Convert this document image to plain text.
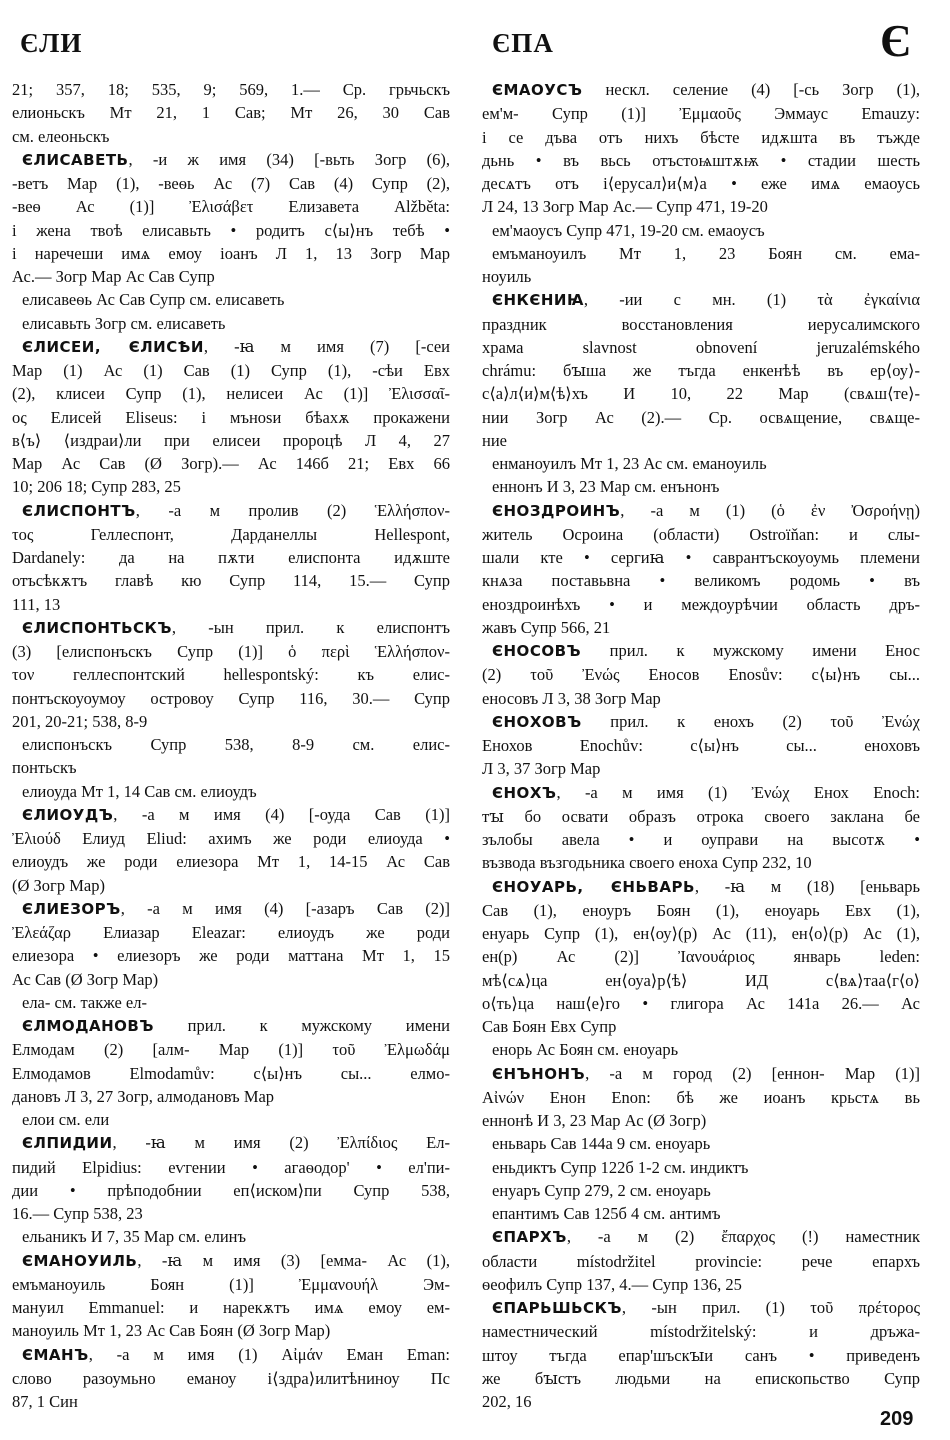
ЄЛИ	ЄПА	Є
21; 357, 18; 535, 9; 569, 1.— Ср. грьчьскъ
елионьскъ Мт 21, 1 Сав; Мт 26, 30 Сав
см. елеоньскъ
ЄЛИСАВЕТЬ, -и ж имя (34) [-вьть Зогр (6),
-ветъ Мар (1), -веѳь Ас (7) Сав (4) Супр (2),
-веѳ Ас (1)] Ἐλισάβετ Елизавета Alžběta:
і жена твоѣ елисавьть • родитъ с⟨ы⟩нъ тебѣ •
і наречеши имѧ емоу іоанъ Л 1, 13 Зогр Мар
Ас.— Зогр Мар Ас Сав Супр
елисавеѳь Ас Сав Супр см. елисаветь
елисавьть Зогр см. елисаветь
ЄЛИСЕИ, ЄЛИСѢИ, -ꙗ м имя (7) [-сеи
Мар (1) Ас (1) Сав (1) Супр (1), -сѣи Евх
(2), клисеи Супр (1), нелисеи Ас (1)] Ἐλισσαῖ-
ος Елисей Eliseus: і мъноѕи бѣахѫ прокажени
в⟨ъ⟩ ⟨издраи⟩ли при елисеи пророцѣ Л 4, 27
Мар Ас Сав (Ø Зогр).— Ас 146б 21; Евх 66
10; 206 18; Супр 283, 25
ЄЛИСПОНТЪ, -а м пролив (2) Ἑλλήσπον-
τος Геллеспонт, Дарданеллы Hellespont,
Dardanely: да на пѫти елиспонта идѫште
отъсѣкѫтъ главѣ кю Супр 114, 15.— Супр
111, 13
ЄЛИСПОНТЬСКЪ, -ын прил. к елиспонтъ
(3) [елиспонъскъ Супр (1)] ὁ περὶ Ἑλλήσπον-
τον геллеспонтский hellespontský: къ елис-
понтъскоуоумоу островоу Супр 116, 30.— Супр
201, 20-21; 538, 8-9
елиспонъскъ Супр 538, 8-9 см. елис-
понтьскъ
елиоуда Мт 1, 14 Сав см. елиоудъ
ЄЛИОУДЪ, -а м имя (4) [-оуда Сав (1)]
Ἐλιούδ Елиуд Eliud: ахимъ же роди елиоуда •
елиоудъ же роди елиезора Мт 1, 14-15 Ас Сав
(Ø Зогр Мар)
ЄЛИЕЗОРЪ, -а м имя (4) [-азаръ Сав (2)]
Ἐλεάζαρ Елиазар Eleazar: елиоудъ же роди
елиезора • елиезоръ же роди маттана Мт 1, 15
Ас Сав (Ø Зогр Мар)
ела- см. также ел-
ЄЛМОДАНОВЪ прил. к мужскому имени
Елмодам (2) [алм- Мар (1)] τοῦ Ἐλμωδάμ
Елмодамов Elmodamův: с⟨ы⟩нъ сы... елмо-
дановъ Л 3, 27 Зогр, алмодановъ Мар
елои см. ели
ЄЛПИДИИ, -ꙗ м имя (2) Ἐλπίδιος Ел-
пидий Elpidius: еѵгении • агаѳодор' • ел'пи-
дии • прѣподобнии еп⟨иском⟩пи Супр 538,
16.— Супр 538, 23
ельаникъ И 7, 35 Мар см. елинъ
ЄМАНОУИЛЬ, -ꙗ м имя (3) [емма- Ас (1),
емъманоуиль Боян (1)] Ἐμμανουήλ Эм-
мануил Emmanuel: и нарекѫтъ имѧ емоу ем-
маноуиль Мт 1, 23 Ас Сав Боян (Ø Зогр Мар)
ЄМАНЪ, -а м имя (1) Αἰμάν Еман Eman:
слово разоумьно еманоу і⟨здра⟩илитѣниноу Пс
87, 1 Син
ЄМАОУСЪ нескл. селение (4) [-сь Зогр (1),
ем'м- Супр (1)] Ἐμμαοῦς Эммаус Emauzy:
і се дъва отъ нихъ бѣсте идѫшта въ тъжде
дьнь • въ вьсь отъстоѩштѫѭ • стадии шесть
десѧтъ отъ і⟨ерусал⟩и⟨м⟩а • еже имѧ емаоусь
Л 24, 13 Зогр Мар Ас.— Супр 471, 19-20
ем'маоусъ Супр 471, 19-20 см. емаоусъ
емъманоуилъ Мт 1, 23 Боян см. ема-
ноуиль
ЄНКЄНИꙖ, -ии с мн. (1) τὰ ἐγκαίνια
праздник восстановления иерусалимского
храма slavnost obnovení jeruzalémského
chrámu: бꙑша же тъгда енкенѣѣ въ ер⟨оу⟩-
с⟨а⟩л⟨и⟩м⟨ѣ⟩хъ И 10, 22 Мар (свѧш⟨те⟩-
нии Зогр Ас (2).— Ср. освѧщение, свѧще-
ние
енманоуилъ Мт 1, 23 Ас см. еманоуиль
еннонъ И 3, 23 Мар см. енънонъ
ЄНОЗДРОИНЪ, -а м (1) (ὁ ἐν Ὀσροήνῃ)
житель Осроина (области) Ostroïňan: и слы-
шали кте • сергиꙗ • саврантъскоуоумь племени
кнѧза поставьвна • великомъ родомь • въ
еноздроинѣхъ • и междоурѣчии область дръ-
жавъ Супр 566, 21
ЄНОСОВЪ прил. к мужскому имени Енос
(2) τοῦ Ἐνώς Еносов Enosův: с⟨ы⟩нъ сы...
еносовъ Л 3, 38 Зогр Мар
ЄНОХОВЪ прил. к енохъ (2) τοῦ Ἐνώχ
Енохов Enochův: с⟨ы⟩нъ сы... еноховъ
Л 3, 37 Зогр Мар
ЄНОХЪ, -а м имя (1) Ἐνώχ Енох Enoch:
тꙑ бо освати образъ отрока своего заклана бе
зълобы авела • и оуправи на высотѫ •
възвода възгодьника своего еноха Супр 232, 10
ЄНОУАРЬ, ЄНЬВАРЬ, -ꙗ м (18) [еньварь
Сав (1), еноуръ Боян (1), еноуарь Евх (1),
енуарь Супр (1), ен⟨оу⟩(р) Ас (11), ен⟨о⟩(р) Ас (1),
ен(р) Ас (2)] Ἰανουάριος январь leden:
мѣ⟨сѧ⟩ца ен⟨оуа⟩р⟨ѣ⟩ ИД с⟨вѧ⟩таа⟨г⟨о⟩
о⟨ть⟩ца наш⟨е⟩го • глигора Ас 141а 26.— Ас
Сав Боян Евх Супр
енорь Ас Боян см. еноуарь
ЄНЪНОНЪ, -а м город (2) [еннон- Мар (1)]
Αἰνών Енон Enon: бѣ же иоанъ крьстѧ вь
еннонѣ И 3, 23 Мар Ас (Ø Зогр)
еньварь Сав 144а 9 см. еноуарь
еньдиктъ Супр 122б 1-2 см. индиктъ
енуаръ Супр 279, 2 см. еноуарь
епантимъ Сав 125б 4 см. антимъ
ЄПАРХЪ, -а м (2) ἔπαρχος (!) наместник
области místodržitel provincie: рече епархъ
ѳеофилъ Супр 137, 4.— Супр 136, 25
ЄПАРЬШЬСКЪ, -ын прил. (1) τοῦ πρέτορος
наместнический místodržitelský: и дръжа-
штоу тъгда епар'шъскꙑи санъ • приведенъ
же бꙑстъ людьми на епископьство Супр
202, 16
209
